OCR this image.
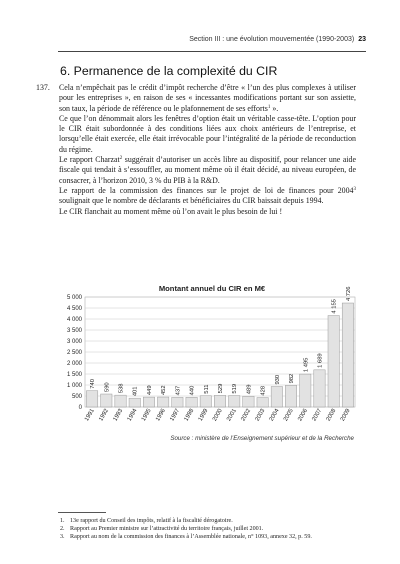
Section III : une évolution mouvementée (1990-2003) 23
6. Permanence de la complexité du CIR
137. Cela n’empêchait pas le crédit d’impôt recherche d’être « l’un des plus complexes à utiliser pour les entreprises », en raison de ses « incessantes modifications portant sur son assiette, son taux, la période de référence ou le plafonnement de ses efforts$^1$ ».

Ce que l’on dénommait alors les fenêtres d’option était un véritable casse-tête. L’option pour le CIR était subordonnée à des conditions liées aux choix antérieurs de l’entreprise, et lorsqu’elle était exercée, elle était irrévocable pour l’intégralité de la période de reconduction du régime.

Le rapport Charzat$^2$ suggérait d’autoriser un accès libre au dispositif, pour relancer une aide fiscale qui tendait à s’essouffler, au moment même où il était décidé, au niveau européen, de consacrer, à l’horizon 2010, 3 % du PIB à la R&D.

Le rapport de la commission des finances sur le projet de loi de finances pour 2004$^3$ soulignait que le nombre de déclarants et bénéficiaires du CIR baissait depuis 1994.

Le CIR flanchait au moment même où l’on avait le plus besoin de lui !

Montant annuel du CIR en M€
Source : ministère de l’Enseignement supérieur et de la Recherche
5 000
4 500
4 000
3 500
3 000
2 500
2 000
1 500
1 000
500
0
740
1991
590
1992
538
1993
401
1994
449
1995
452
1996
437
1997
440
1998
511
1999
529
2000
519
2001
489
2002
428
2003
930
2004
982
2005
1 495
2006
1 689
2007
4 155
2008
4 726
2009
1. 13e rapport du Conseil des impôts, relatif à la fiscalité dérogatoire.
2. Rapport au Premier ministre sur l’attractivité du territoire français, juillet 2001.
3. Rapport au nom de la commission des finances à l’Assemblée nationale, n° 1093, annexe 32, p. 59.
